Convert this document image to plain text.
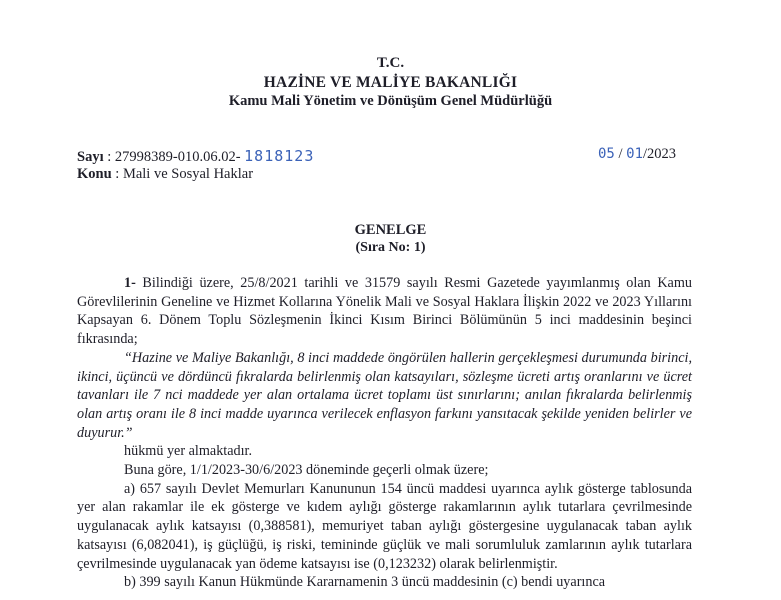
T.C.
HAZİNE VE MALİYE BAKANLIĞI
Kamu Mali Yönetim ve Dönüşüm Genel Müdürlüğü
Sayı : 27998389-010.06.02- 1818123	05 / 01/2023
Konu : Mali ve Sosyal Haklar
GENELGE
(Sıra No: 1)

1- Bilindiği üzere, 25/8/2021 tarihli ve 31579 sayılı Resmi Gazetede yayımlanmış olan Kamu Görevlilerinin Geneline ve Hizmet Kollarına Yönelik Mali ve Sosyal Haklara İlişkin 2022 ve 2023 Yıllarını Kapsayan 6. Dönem Toplu Sözleşmenin İkinci Kısım Birinci Bölümünün 5 inci maddesinin beşinci fıkrasında;

“Hazine ve Maliye Bakanlığı, 8 inci maddede öngörülen hallerin gerçekleşmesi durumunda birinci, ikinci, üçüncü ve dördüncü fıkralarda belirlenmiş olan katsayıları, sözleşme ücreti artış oranlarını ve ücret tavanları ile 7 nci maddede yer alan ortalama ücret toplamı üst sınırlarını; anılan fıkralarda belirlenmiş olan artış oranı ile 8 inci madde uyarınca verilecek enflasyon farkını yansıtacak şekilde yeniden belirler ve duyurur.”

hükmü yer almaktadır.

Buna göre, 1/1/2023-30/6/2023 döneminde geçerli olmak üzere;

a) 657 sayılı Devlet Memurları Kanununun 154 üncü maddesi uyarınca aylık gösterge tablosunda yer alan rakamlar ile ek gösterge ve kıdem aylığı gösterge rakamlarının aylık tutarlara çevrilmesinde uygulanacak aylık katsayısı (0,388581), memuriyet taban aylığı göstergesine uygulanacak taban aylık katsayısı (6,082041), iş güçlüğü, iş riski, temininde güçlük ve mali sorumluluk zamlarının aylık tutarlara çevrilmesinde uygulanacak yan ödeme katsayısı ise (0,123232) olarak belirlenmiştir.

b) 399 sayılı Kanun Hükmünde Kararnamenin 3 üncü maddesinin (c) bendi uyarınca
